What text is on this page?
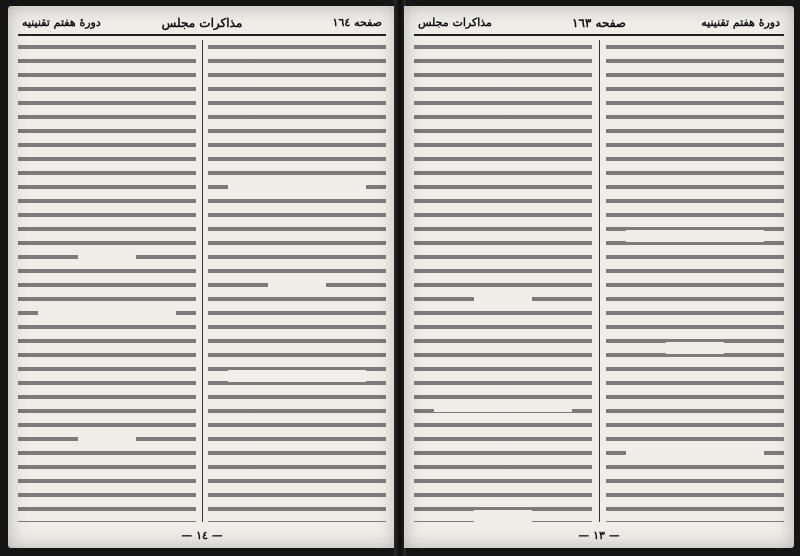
صفحه ١٦٤
مذاكرات مجلس
دورهٔ هفتم تقنینیه
— ١٤ —
دورهٔ هفتم تقنینیه
صفحه ١٦٣
مذاكرات مجلس
— ١٣ —
